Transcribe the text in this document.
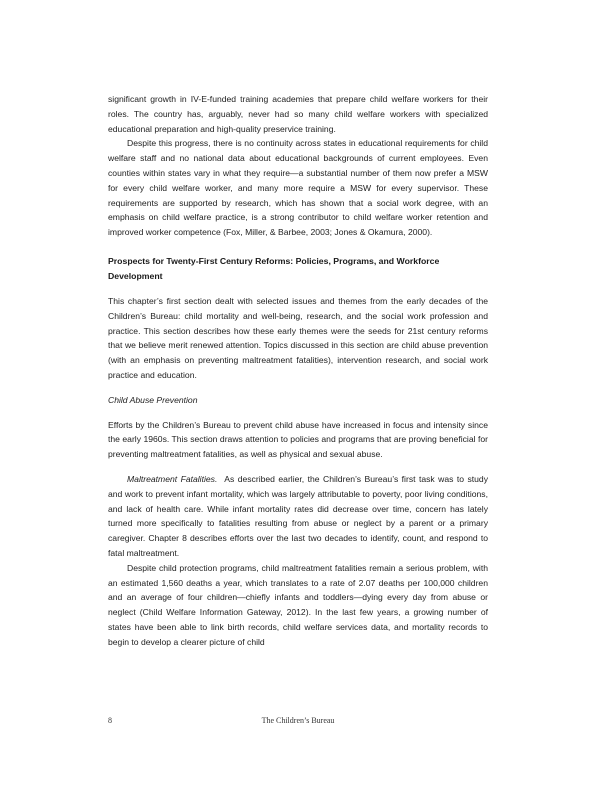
significant growth in IV-E-funded training academies that prepare child welfare workers for their roles. The country has, arguably, never had so many child welfare workers with specialized educational preparation and high-quality preservice training.

Despite this progress, there is no continuity across states in educational requirements for child welfare staff and no national data about educational backgrounds of current employees. Even counties within states vary in what they require—a substantial number of them now prefer a MSW for every child welfare worker, and many more require a MSW for every supervisor. These requirements are supported by research, which has shown that a social work degree, with an emphasis on child welfare practice, is a strong contributor to child welfare worker retention and improved worker competence (Fox, Miller, & Barbee, 2003; Jones & Okamura, 2000).

Prospects for Twenty-First Century Reforms: Policies, Programs, and Workforce Development

This chapter’s first section dealt with selected issues and themes from the early decades of the Children’s Bureau: child mortality and well-being, research, and the social work profession and practice. This section describes how these early themes were the seeds for 21st century reforms that we believe merit renewed attention. Topics discussed in this section are child abuse prevention (with an emphasis on preventing maltreatment fatalities), intervention research, and social work practice and education.

Child Abuse Prevention

Efforts by the Children’s Bureau to prevent child abuse have increased in focus and intensity since the early 1960s. This section draws attention to policies and programs that are proving beneficial for preventing maltreatment fatalities, as well as physical and sexual abuse.

Maltreatment Fatalities. As described earlier, the Children’s Bureau’s first task was to study and work to prevent infant mortality, which was largely attributable to poverty, poor living conditions, and lack of health care. While infant mortality rates did decrease over time, concern has lately turned more specifically to fatalities resulting from abuse or neglect by a parent or a primary caregiver. Chapter 8 describes efforts over the last two decades to identify, count, and respond to fatal maltreatment.

Despite child protection programs, child maltreatment fatalities remain a serious problem, with an estimated 1,560 deaths a year, which translates to a rate of 2.07 deaths per 100,000 children and an average of four children—chiefly infants and toddlers—dying every day from abuse or neglect (Child Welfare Information Gateway, 2012). In the last few years, a growing number of states have been able to link birth records, child welfare services data, and mortality records to begin to develop a clearer picture of child

8	The Children’s Bureau
